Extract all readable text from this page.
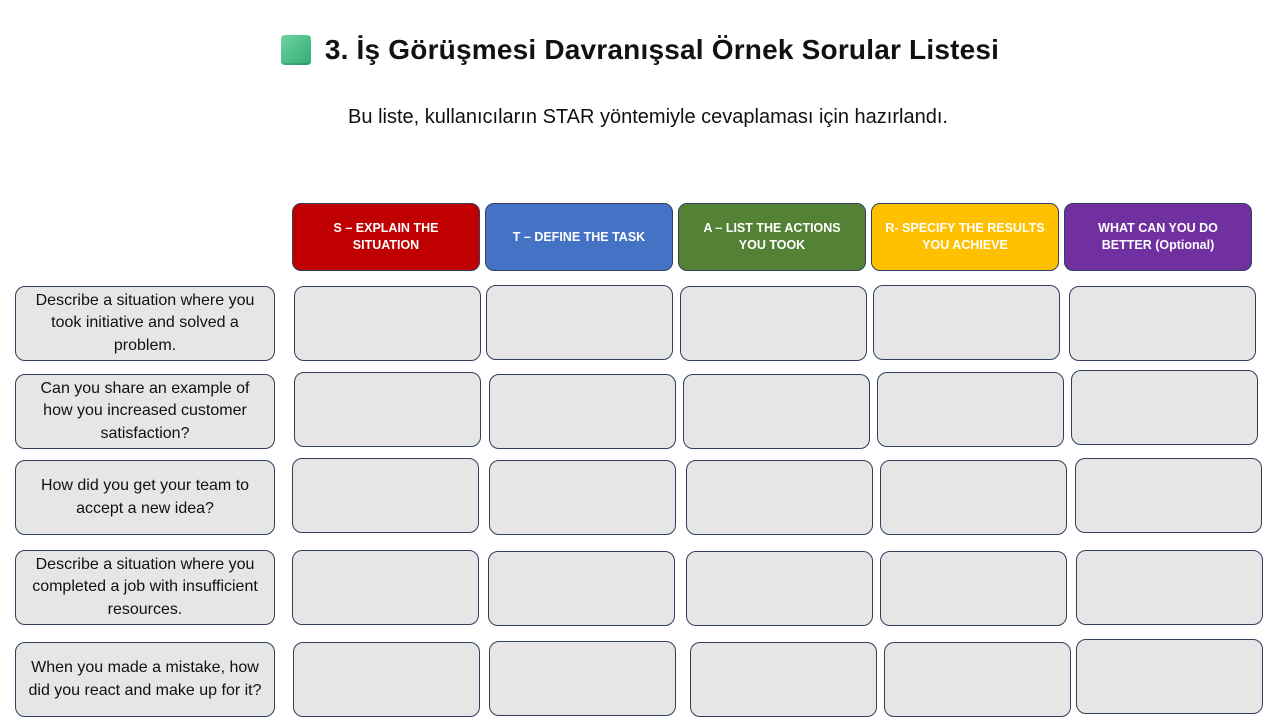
3. İş Görüşmesi Davranışsal Örnek Sorular Listesi
Bu liste, kullanıcıların STAR yöntemiyle cevaplaması için hazırlandı.
S – EXPLAIN THE SITUATION
T – DEFINE THE TASK
A – LIST THE ACTIONS YOU TOOK
R- SPECIFY THE RESULTS YOU ACHIEVE
WHAT CAN YOU DO BETTER (Optional)
Describe a situation where you took initiative and solved a problem.
Can you share an example of how you increased customer satisfaction?
How did you get your team to accept a new idea?
Describe a situation where you completed a job with insufficient resources.
When you made a mistake, how did you react and make up for it?
